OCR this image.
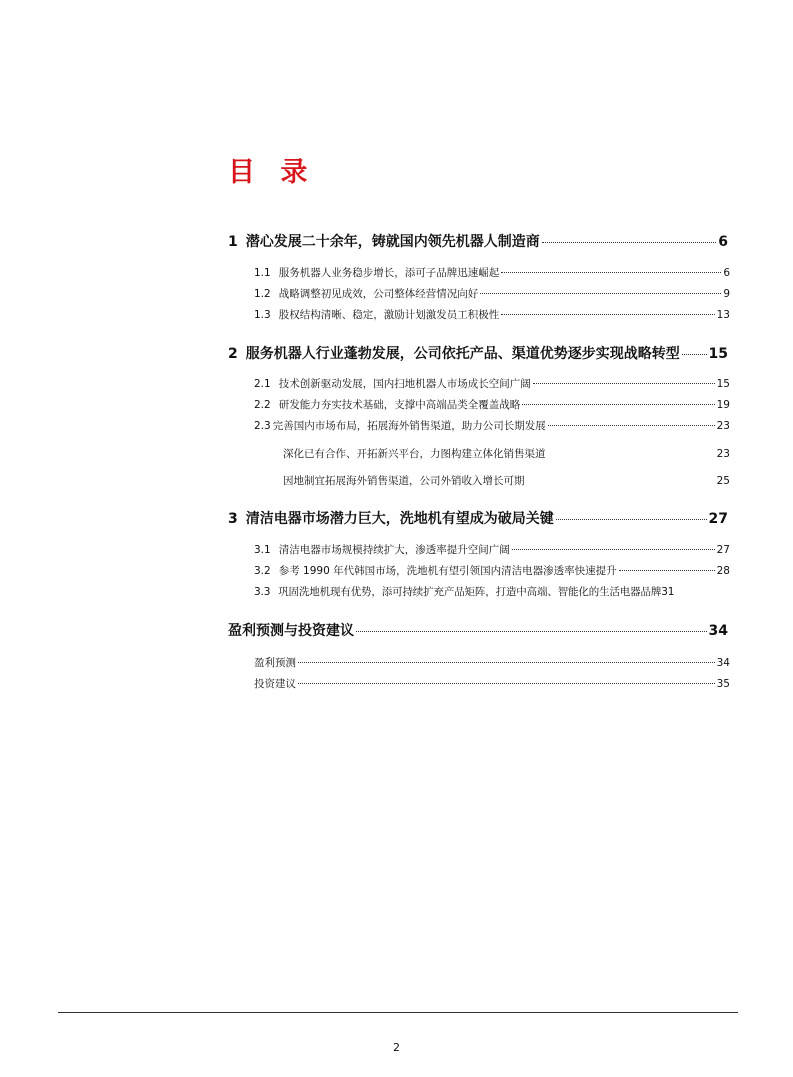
目 录
1 潜心发展二十余年，铸就国内领先机器人制造商	6
1.1 服务机器人业务稳步增长，添可子品牌迅速崛起	6
1.2 战略调整初见成效，公司整体经营情况向好	9
1.3 股权结构清晰、稳定，激励计划激发员工积极性	13
2 服务机器人行业蓬勃发展，公司依托产品、渠道优势逐步实现战略转型 15
2.1 技术创新驱动发展，国内扫地机器人市场成长空间广阔	15
2.2 研发能力夯实技术基础，支撑中高端品类全覆盖战略	19
2.3 完善国内市场布局，拓展海外销售渠道，助力公司长期发展	23
深化已有合作、开拓新兴平台，力图构建立体化销售渠道	23
因地制宜拓展海外销售渠道，公司外销收入增长可期	25
3 清洁电器市场潜力巨大，洗地机有望成为破局关键	27
3.1 清洁电器市场规模持续扩大，渗透率提升空间广阔	27
3.2 参考 1990 年代韩国市场，洗地机有望引领国内清洁电器渗透率快速提升	28
3.3 巩固洗地机现有优势，添可持续扩充产品矩阵，打造中高端、智能化的生活电器品牌 31
盈利预测与投资建议	34
盈利预测	34
投资建议	35
2
